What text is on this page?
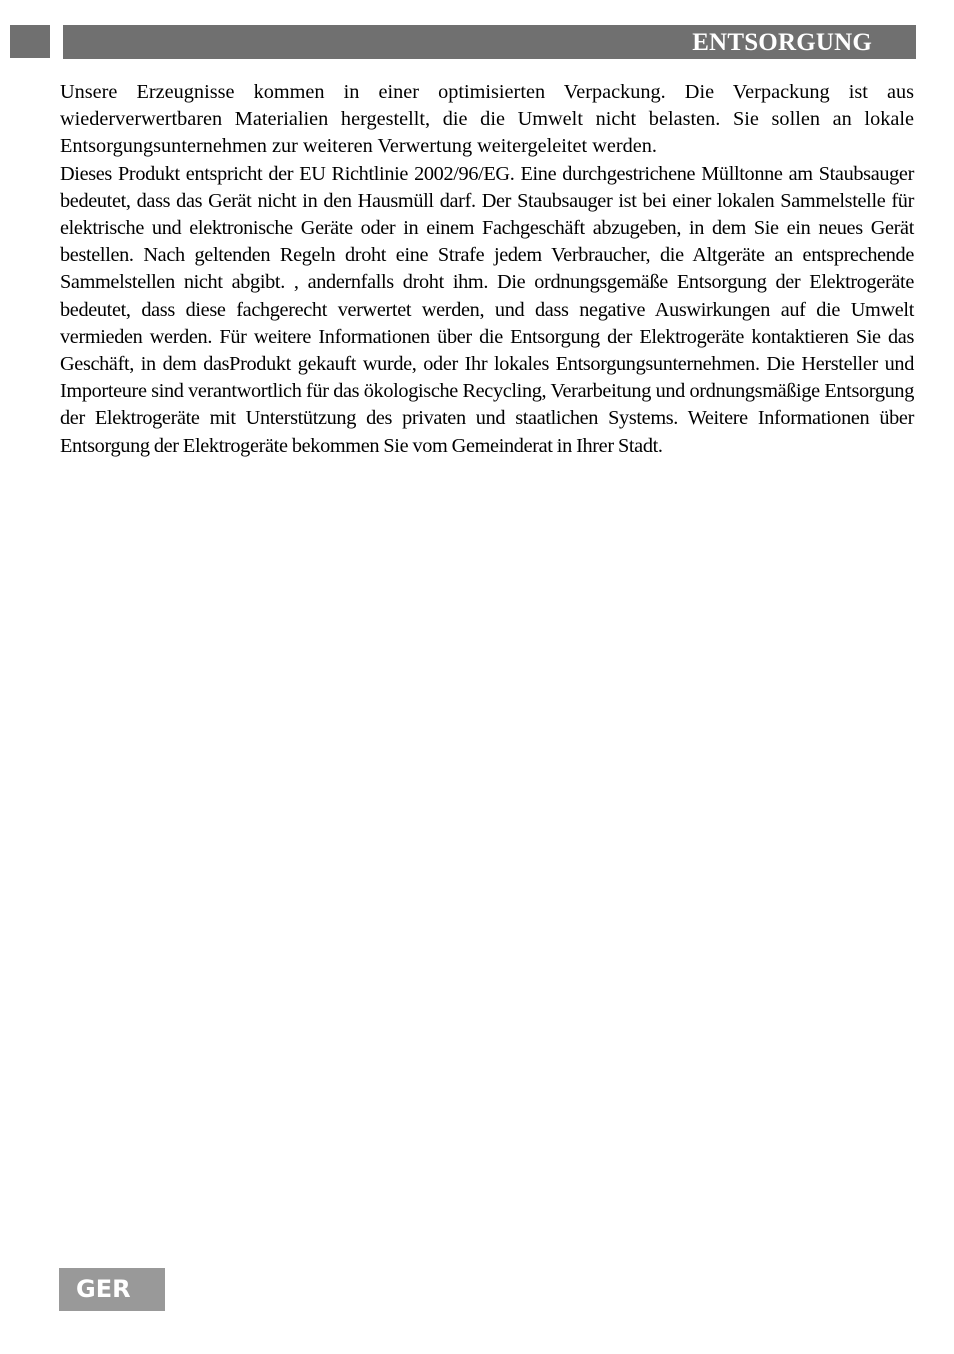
ENTSORGUNG

Unsere Erzeugnisse kommen in einer optimisierten Verpackung. Die Verpackung ist aus wiederverwertbaren Materialien hergestellt, die die Umwelt nicht belasten. Sie sollen an lokale Entsorgungsunternehmen zur weiteren Verwertung weitergeleitet werden.

Dieses Produkt entspricht der EU Richtlinie 2002/96/EG. Eine durchgestrichene Mülltonne am Staubsauger bedeutet, dass das Gerät nicht in den Hausmüll darf. Der Staubsauger ist bei einer lokalen Sammelstelle für elektrische und elektronische Geräte oder in einem Fachgeschäft abzugeben, in dem Sie ein neues Gerät bestellen. Nach geltenden Regeln droht eine Strafe jedem Verbraucher, die Altgeräte an entsprechende Sammelstellen nicht abgibt. , andernfalls droht ihm. Die ordnungsgemäße Entsorgung der Elektrogeräte bedeutet, dass diese fachgerecht verwertet werden, und dass negative Auswirkungen auf die Umwelt vermieden werden. Für weitere Informationen über die Entsorgung der Elektrogeräte kontaktieren Sie das Geschäft, in dem dasProdukt gekauft wurde, oder Ihr lokales Entsorgungsunternehmen. Die Hersteller und Importeure sind verantwortlich für das ökologische Recycling, Verarbeitung und ordnungsmäßige Entsorgung der Elektrogeräte mit Unterstützung des privaten und staatlichen Systems. Weitere Informationen über Entsorgung der Elektrogeräte bekommen Sie vom Gemeinderat in Ihrer Stadt.

GER
